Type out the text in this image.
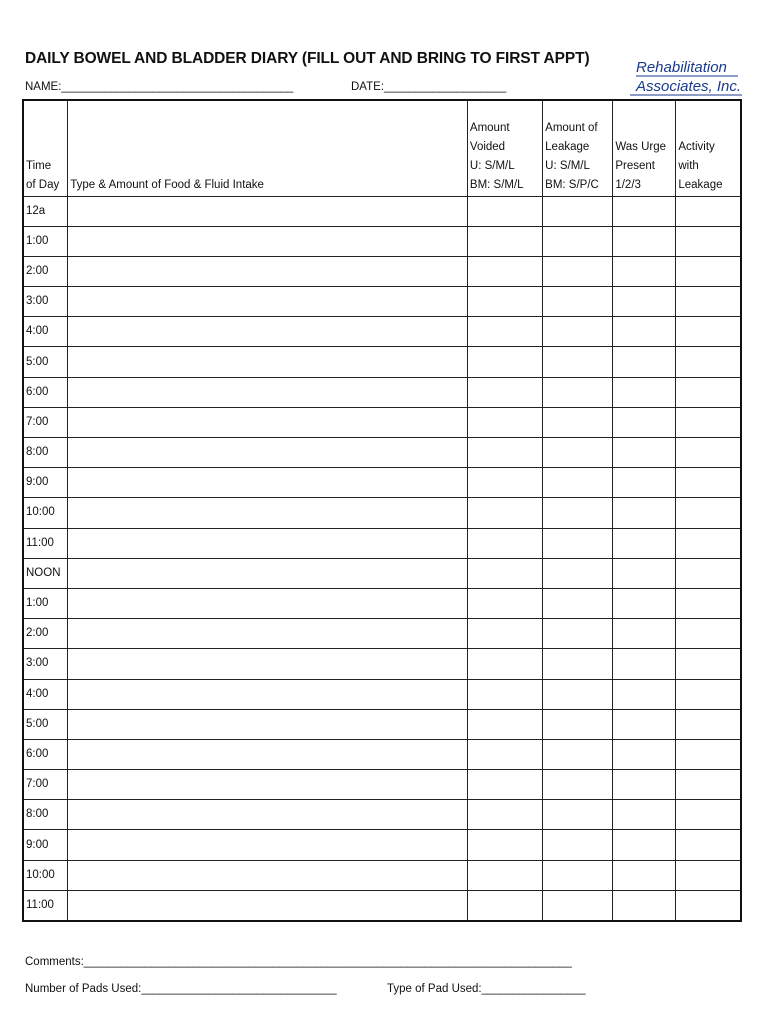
DAILY BOWEL AND BLADDER DIARY (FILL OUT AND BRING TO FIRST APPT)
NAME:______________________________________	DATE:____________________
Rehabilitation
Associates, Inc.
Time
of Day	Type & Amount of Food & Fluid Intake	Amount
Voided
U: S/M/L
BM: S/M/L	Amount of
Leakage
U: S/M/L
BM: S/P/C	Was Urge
Present
1/2/3	Activity
with
Leakage

12a					
1:00					
2:00					
3:00					
4:00					
5:00					
6:00					
7:00					
8:00					
9:00					
10:00					
11:00					
NOON					
1:00					
2:00					
3:00					
4:00					
5:00					
6:00					
7:00					
8:00					
9:00					
10:00					
11:00					
Comments:________________________________________________________________________________
Number of Pads Used:________________________________	Type of Pad Used:_________________
